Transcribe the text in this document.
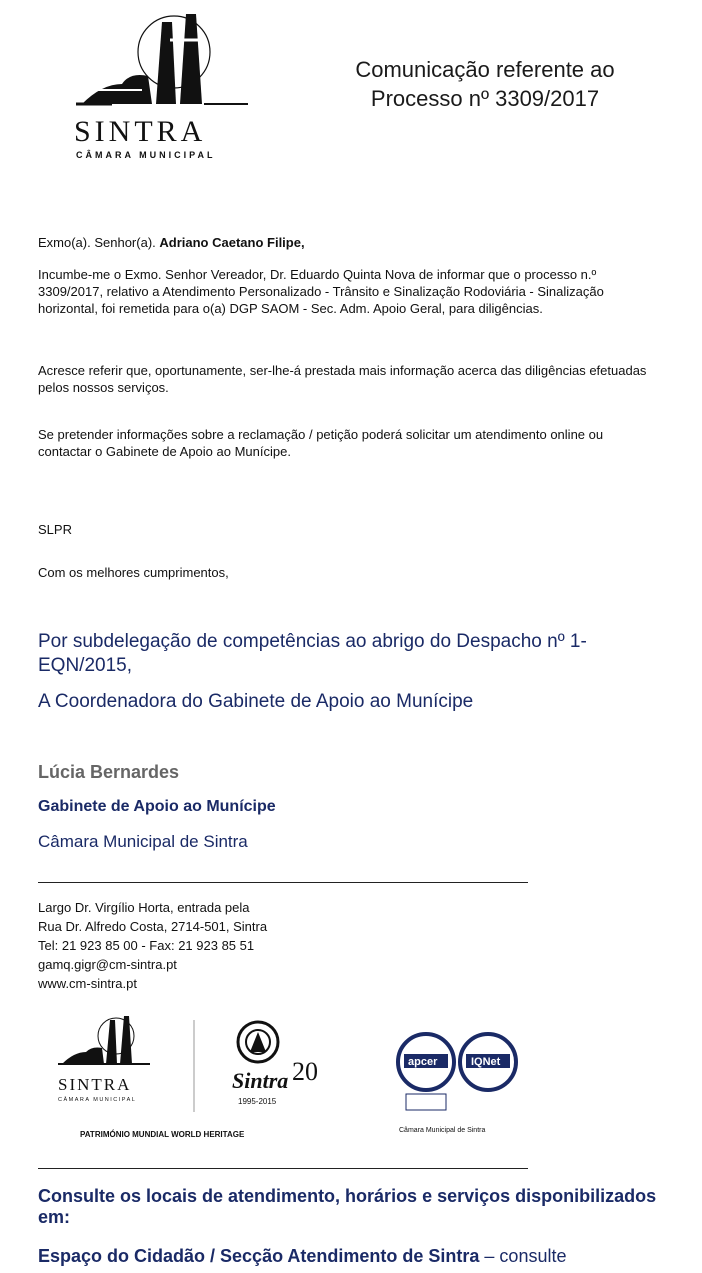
SINTRA
CÂMARA MUNICIPAL
Comunicação referente ao
Processo nº 3309/2017
Exmo(a). Senhor(a). Adriano Caetano Filipe,
Incumbe-me o Exmo. Senhor Vereador, Dr. Eduardo Quinta Nova de informar que o processo n.º 3309/2017, relativo a Atendimento Personalizado - Trânsito e Sinalização Rodoviária - Sinalização horizontal, foi remetida para o(a) DGP SAOM - Sec. Adm. Apoio Geral, para diligências.
Acresce referir que, oportunamente, ser-lhe-á prestada mais informação acerca das diligências efetuadas pelos nossos serviços.
Se pretender informações sobre a reclamação / petição poderá solicitar um atendimento online ou contactar o Gabinete de Apoio ao Munícipe.
SLPR
Com os melhores cumprimentos,
Por subdelegação de competências ao abrigo do Despacho nº 1-EQN/2015,
A Coordenadora do Gabinete de Apoio ao Munícipe
Lúcia Bernardes
Gabinete de Apoio ao Munícipe
Câmara Municipal de Sintra
Largo Dr. Virgílio Horta, entrada pela
Rua Dr. Alfredo Costa, 2714-501, Sintra
Tel: 21 923 85 00 - Fax: 21 923 85 51
gamq.gigr@cm-sintra.pt
www.cm-sintra.pt
SINTRA
CÂMARA MUNICIPAL
Sintra 20
1995-2015
PATRIMÓNIO MUNDIAL WORLD HERITAGE
apcer	IQNet
Câmara Municipal de Sintra
Consulte os locais de atendimento, horários e serviços disponibilizados em:
Espaço do Cidadão / Secção Atendimento de Sintra – consulte
